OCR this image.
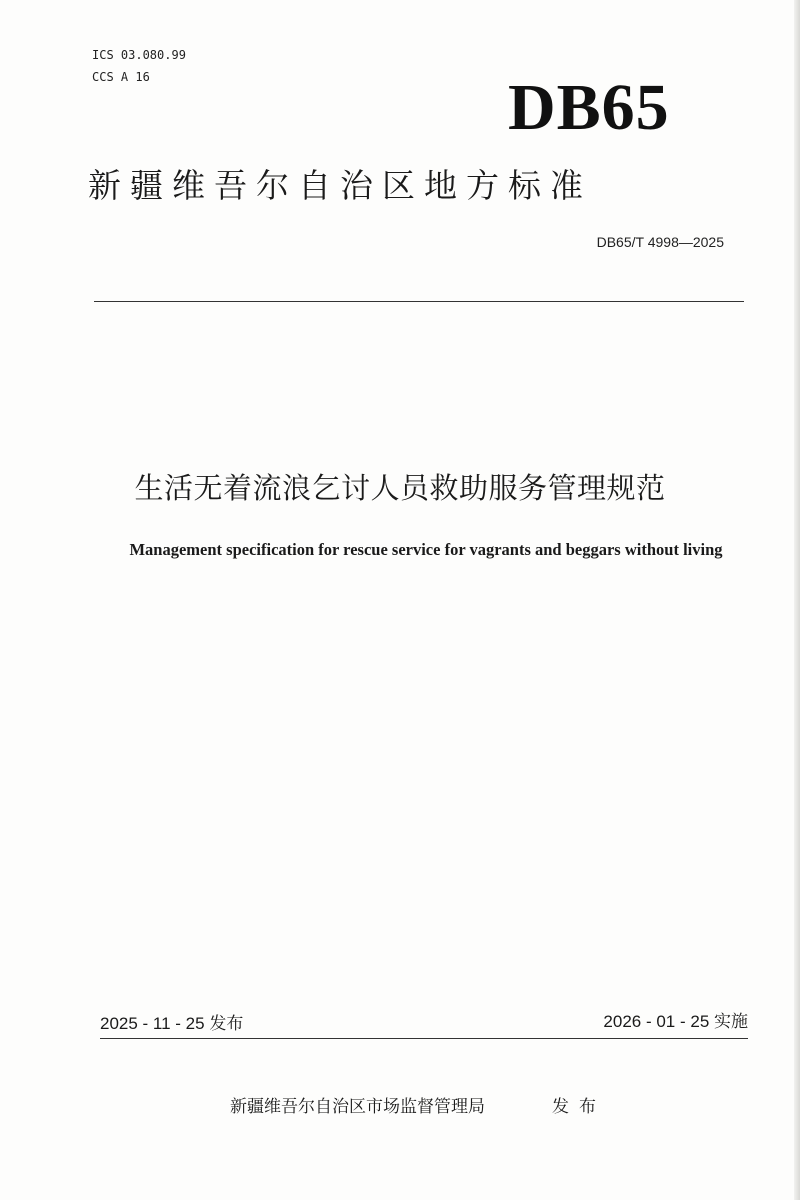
ICS 03.080.99
CCS A 16	DB65
新疆维吾尔自治区地方标准
DB65/T 4998—2025
生活无着流浪乞讨人员救助服务管理规范
Management specification for rescue service for vagrants and beggars without living
2025 - 11 - 25 发布	2026 - 01 - 25 实施
新疆维吾尔自治区市场监督管理局	发布
